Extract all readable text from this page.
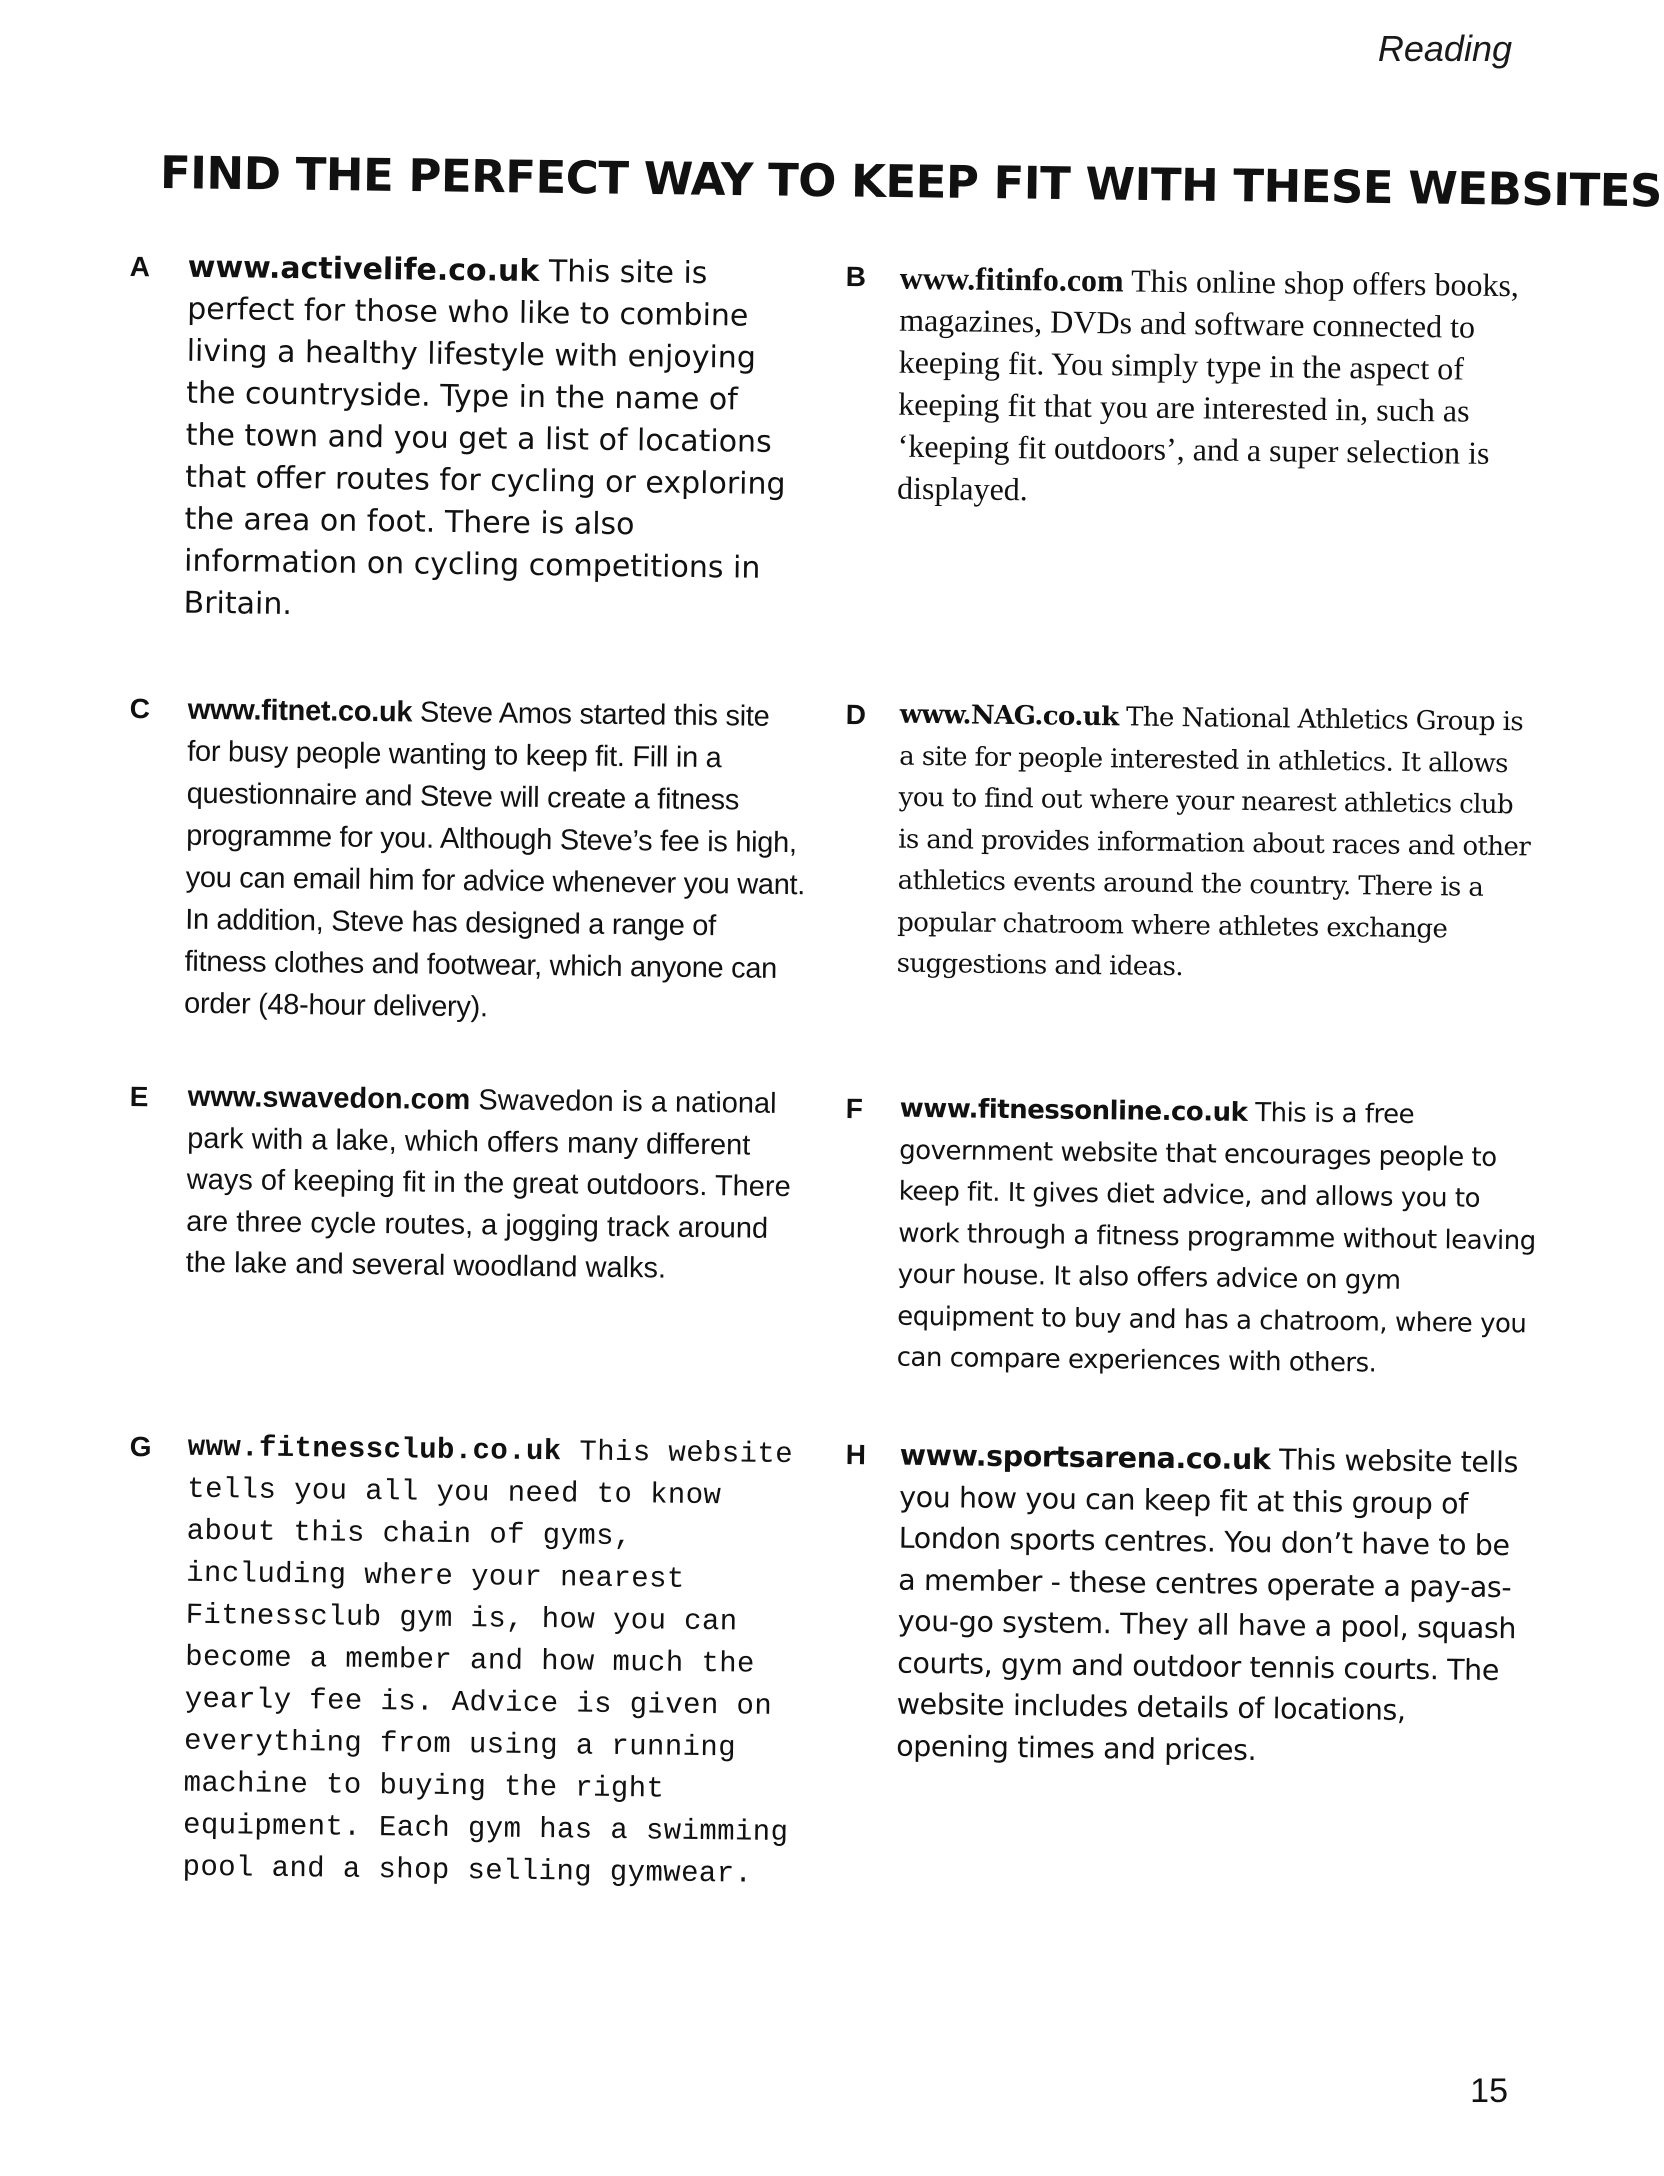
Reading
FIND THE PERFECT WAY TO KEEP FIT WITH THESE WEBSITES
A www.activelife.co.uk This site is perfect for those who like to combine living a healthy lifestyle with enjoying the countryside. Type in the name of the town and you get a list of locations that offer routes for cycling or exploring the area on foot. There is also information on cycling competitions in Britain.

B www.fitinfo.com This online shop offers books, magazines, DVDs and software connected to keeping fit. You simply type in the aspect of keeping fit that you are interested in, such as ‘keeping fit outdoors’, and a super selection is displayed.

C www.fitnet.co.uk Steve Amos started this site for busy people wanting to keep fit. Fill in a questionnaire and Steve will create a fitness programme for you. Although Steve’s fee is high, you can email him for advice whenever you want. In addition, Steve has designed a range of fitness clothes and footwear, which anyone can order (48-hour delivery).

D www.NAG.co.uk The National Athletics Group is a site for people interested in athletics. It allows you to find out where your nearest athletics club is and provides information about races and other athletics events around the country. There is a popular chatroom where athletes exchange suggestions and ideas.

E www.swavedon.com Swavedon is a national park with a lake, which offers many different ways of keeping fit in the great outdoors. There are three cycle routes, a jogging track around the lake and several woodland walks.

F www.fitnessonline.co.uk This is a free government website that encourages people to keep fit. It gives diet advice, and allows you to work through a fitness programme without leaving your house. It also offers advice on gym equipment to buy and has a chatroom, where you can compare experiences with others.

G www.fitnessclub.co.uk This website tells you all you need to know about this chain of gyms, including where your nearest Fitnessclub gym is, how you can become a member and how much the yearly fee is. Advice is given on everything from using a running machine to buying the right equipment. Each gym has a swimming pool and a shop selling gymwear.

H www.sportsarena.co.uk This website tells you how you can keep fit at this group of London sports centres. You don’t have to be a member - these centres operate a pay-as-you-go system. They all have a pool, squash courts, gym and outdoor tennis courts. The website includes details of locations, opening times and prices.

15
